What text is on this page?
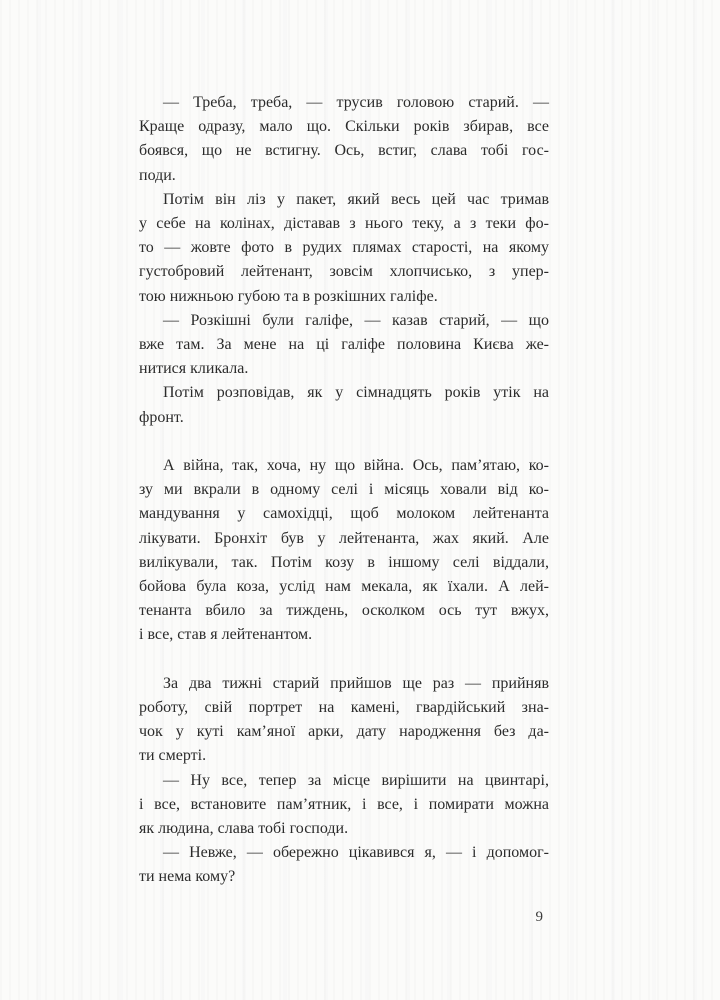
— Треба, треба, — трусив головою старий. —
Краще одразу, мало що. Скільки років збирав, все
боявся, що не встигну. Ось, встиг, слава тобі гос-
поди.
Потім він ліз у пакет, який весь цей час тримав
у себе на колінах, діставав з нього теку, а з теки фо-
то — жовте фото в рудих плямах старості, на якому
густобровий лейтенант, зовсім хлопчисько, з упер-
тою нижньою губою та в розкішних галіфе.
— Розкішні були галіфе, — казав старий, — що
вже там. За мене на ці галіфе половина Києва же-
нитися кликала.
Потім розповідав, як у сімнадцять років утік на
фронт.
А війна, так, хоча, ну що війна. Ось, пам’ятаю, ко-
зу ми вкрали в одному селі і місяць ховали від ко-
мандування у самохідці, щоб молоком лейтенанта
лікувати. Бронхіт був у лейтенанта, жах який. Але
вилікували, так. Потім козу в іншому селі віддали,
бойова була коза, услід нам мекала, як їхали. А лей-
тенанта вбило за тиждень, осколком ось тут вжух,
і все, став я лейтенантом.
За два тижні старий прийшов ще раз — прийняв
роботу, свій портрет на камені, гвардійський зна-
чок у куті кам’яної арки, дату народження без да-
ти смерті.
— Ну все, тепер за місце вирішити на цвинтарі,
і все, встановите пам’ятник, і все, і помирати можна
як людина, слава тобі господи.
— Невже, — обережно цікавився я, — і допомог-
ти нема кому?
9
